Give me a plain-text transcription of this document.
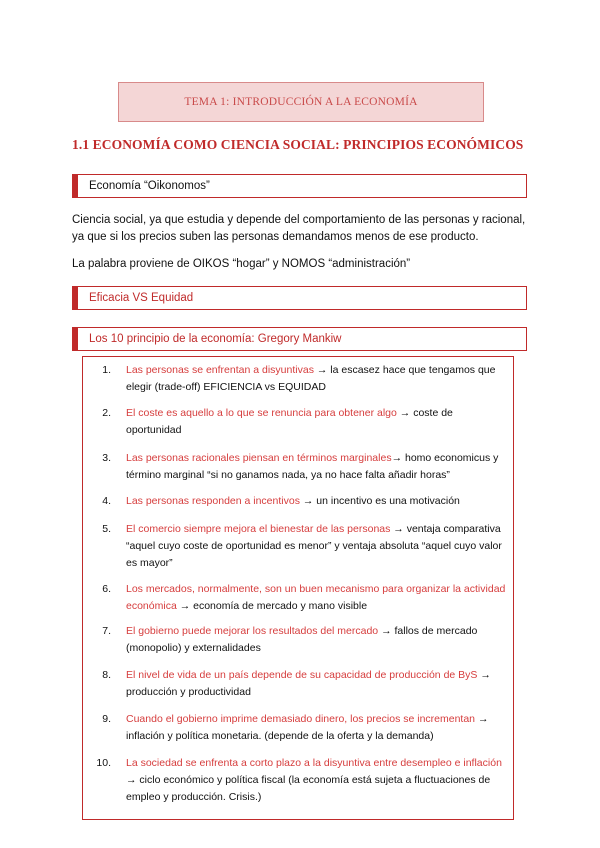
TEMA 1: INTRODUCCIÓN A LA ECONOMÍA
1.1 ECONOMÍA COMO CIENCIA SOCIAL: PRINCIPIOS ECONÓMICOS
Economía “Oikonomos”
Ciencia social, ya que estudia y depende del comportamiento de las personas y racional, ya que si los precios suben las personas demandamos menos de ese producto.
La palabra proviene de OIKOS “hogar” y NOMOS “administración”
Eficacia VS Equidad
Los 10 principio de la economía: Gregory Mankiw
1. Las personas se enfrentan a disyuntivas → la escasez hace que tengamos que elegir (trade-off) EFICIENCIA vs EQUIDAD
2. El coste es aquello a lo que se renuncia para obtener algo → coste de oportunidad
3. Las personas racionales piensan en términos marginales→ homo economicus y término marginal “si no ganamos nada, ya no hace falta añadir horas”
4. Las personas responden a incentivos → un incentivo es una motivación
5. El comercio siempre mejora el bienestar de las personas → ventaja comparativa “aquel cuyo coste de oportunidad es menor” y ventaja absoluta “aquel cuyo valor es mayor”
6. Los mercados, normalmente, son un buen mecanismo para organizar la actividad económica → economía de mercado y mano visible
7. El gobierno puede mejorar los resultados del mercado → fallos de mercado (monopolio) y externalidades
8. El nivel de vida de un país depende de su capacidad de producción de ByS → producción y productividad
9. Cuando el gobierno imprime demasiado dinero, los precios se incrementan → inflación y política monetaria. (depende de la oferta y la demanda)
10. La sociedad se enfrenta a corto plazo a la disyuntiva entre desempleo e inflación → ciclo económico y política fiscal (la economía está sujeta a fluctuaciones de empleo y producción. Crisis.)
